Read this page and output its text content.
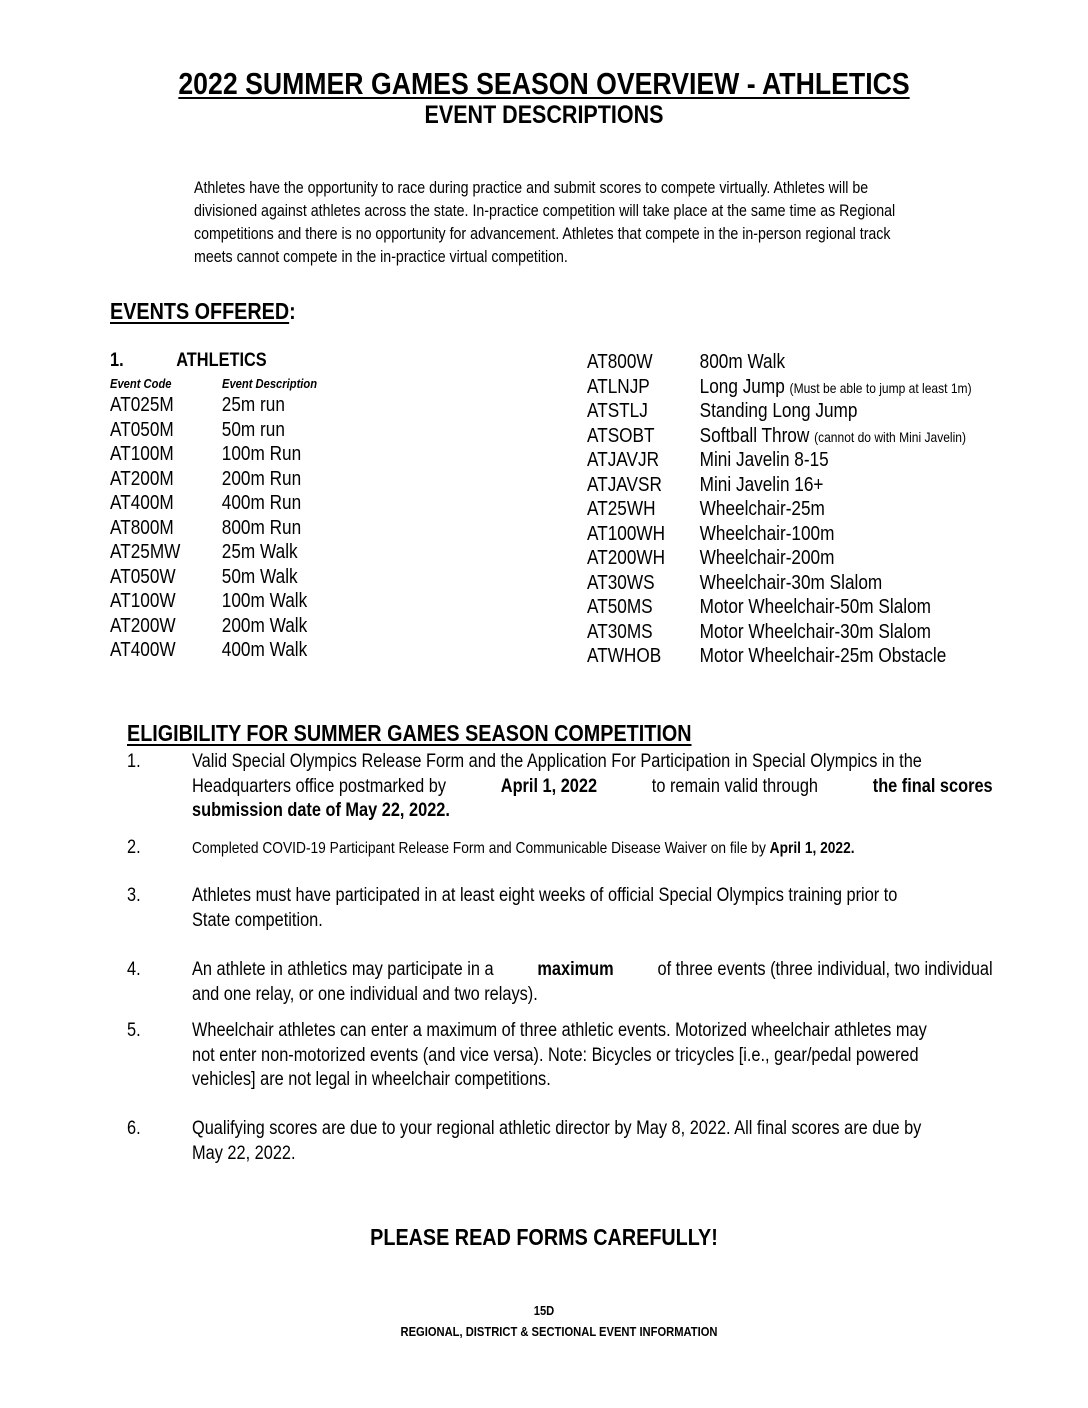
2022 SUMMER GAMES SEASON OVERVIEW - ATHLETICS
EVENT DESCRIPTIONS
Athletes have the opportunity to race during practice and submit scores to compete virtually. Athletes will be
divisioned against athletes across the state. In-practice competition will take place at the same time as Regional
competitions and there is no opportunity for advancement. Athletes that compete in the in-person regional track
meets cannot compete in the in-practice virtual competition.
EVENTS OFFERED:
1.	ATHLETICS
Event Code	Event Description
AT025M 25m run
AT050M 50m run
AT100M 100m Run
AT200M 200m Run
AT400M 400m Run
AT800M 800m Run
AT25MW 25m Walk
AT050W 50m Walk
AT100W 100m Walk
AT200W 200m Walk
AT400W 400m Walk
AT800W 800m Walk
ATLNJP Long Jump (Must be able to jump at least 1m)
ATSTLJ	Standing Long Jump
ATSOBT Softball Throw (cannot do with Mini Javelin)
ATJAVJR Mini Javelin 8-15
ATJAVSR Mini Javelin 16+
AT25WH Wheelchair-25m
AT100WH Wheelchair-100m
AT200WH Wheelchair-200m
AT30WS Wheelchair-30m Slalom
AT50MS Motor Wheelchair-50m Slalom
AT30MS Motor Wheelchair-30m Slalom
ATWHOB Motor Wheelchair-25m Obstacle
ELIGIBILITY FOR SUMMER GAMES SEASON COMPETITION
1.	Valid Special Olympics Release Form and the Application For Participation in Special Olympics in the
Headquarters office postmarked by	April 1, 2022	to remain valid through	the final scores
submission date of May 22, 2022.
2.	Completed COVID-19 Participant Release Form and Communicable Disease Waiver on file by April 1, 2022.
3.	Athletes must have participated in at least eight weeks of official Special Olympics training prior to
State competition.
4.	An athlete in athletics may participate in a maximum of three events (three individual, two individual
and one relay, or one individual and two relays).
5.	Wheelchair athletes can enter a maximum of three athletic events. Motorized wheelchair athletes may
not enter non-motorized events (and vice versa). Note: Bicycles or tricycles [i.e., gear/pedal powered
vehicles] are not legal in wheelchair competitions.
6.	Qualifying scores are due to your regional athletic director by May 8, 2022. All final scores are due by
May 22, 2022.
PLEASE READ FORMS CAREFULLY!
15D
REGIONAL, DISTRICT & SECTIONAL EVENT INFORMATION
